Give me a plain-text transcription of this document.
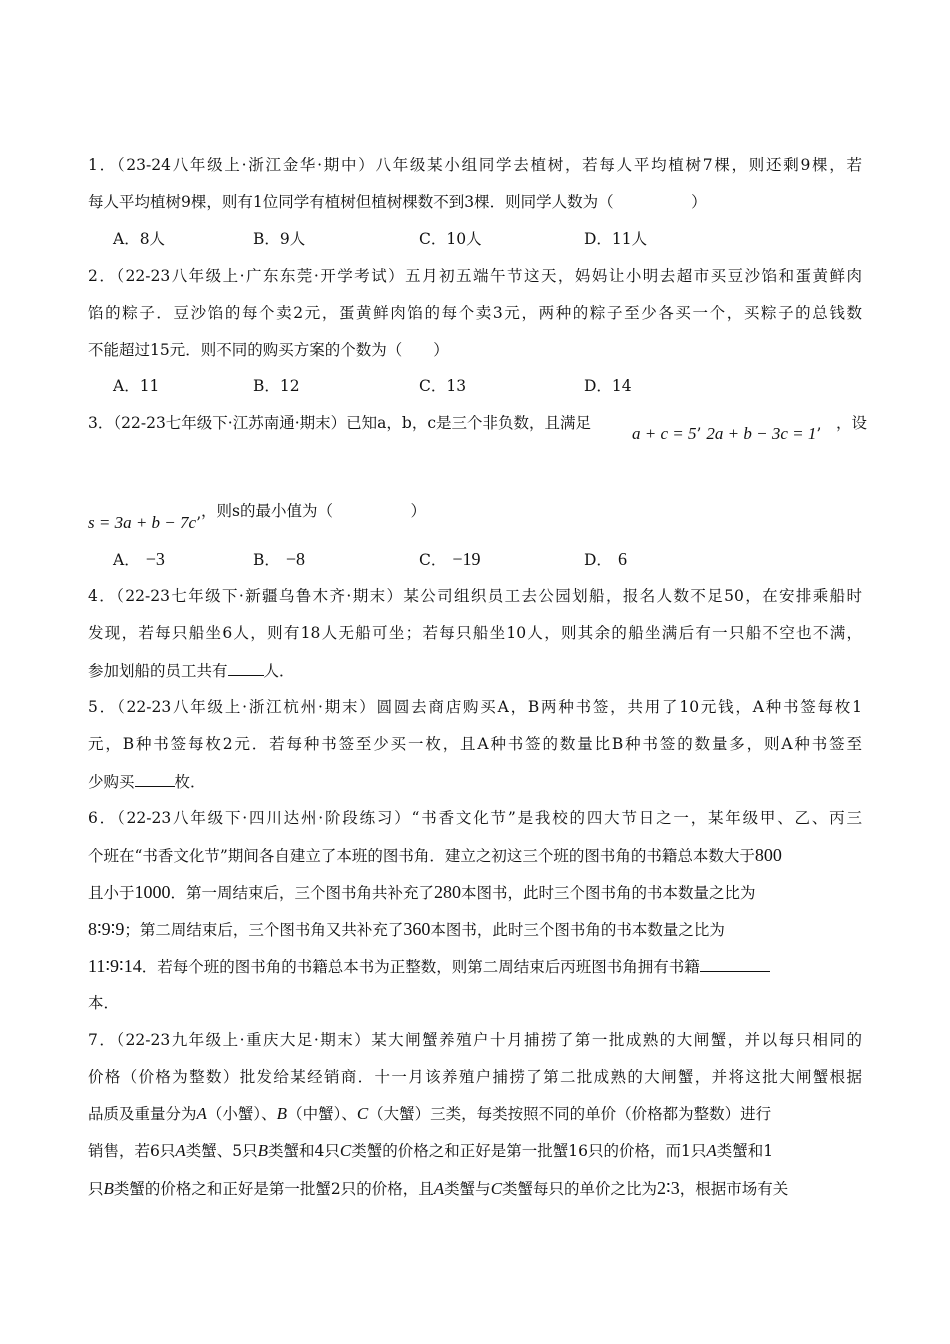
1．（23-24八年级上·浙江金华·期中）八年级某小组同学去植树，若每人平均植树7棵，则还剩9棵，若
每人平均植树9棵，则有1位同学有植树但植树棵数不到3棵．则同学人数为（　　　　　）
A．8人	B．9人	C．10人	D．11人
2．（22-23八年级上·广东东莞·开学考试）五月初五端午节这天，妈妈让小明去超市买豆沙馅和蛋黄鲜肉
馅的粽子．豆沙馅的每个卖2元，蛋黄鲜肉馅的每个卖3元，两种的粽子至少各买一个，买粽子的总钱数
不能超过15元．则不同的购买方案的个数为（　　）
A．11	B．12	C．13	D．14
3．（22-23七年级下·江苏南通·期末）已知a，b，c是三个非负数，且满足
a + c = 5’ 2a + b − 3c = 1’
，设
s = 3a + b − 7c’，则s的最小值为（　　　　　）
A． −3	B． −8	C． −19	D． 6
4．（22-23七年级下·新疆乌鲁木齐·期末）某公司组织员工去公园划船，报名人数不足50，在安排乘船时
发现，若每只船坐6人，则有18人无船可坐；若每只船坐10人，则其余的船坐满后有一只船不空也不满，
参加划船的员工共有 人．
5．（22-23八年级上·浙江杭州·期末）圆圆去商店购买A，B两种书签，共用了10元钱，A种书签每枚1
元，B种书签每枚2元．若每种书签至少买一枚，且A种书签的数量比B种书签的数量多，则A种书签至
少购买	枚．
6．（22-23八年级下·四川达州·阶段练习）“书香文化节”是我校的四大节日之一，某年级甲、乙、丙三
个班在“书香文化节”期间各自建立了本班的图书角．建立之初这三个班的图书角的书籍总本数大于800
且小于1000．第一周结束后，三个图书角共补充了280本图书，此时三个图书角的书本数量之比为
8∶9∶9；第二周结束后，三个图书角又共补充了360本图书，此时三个图书角的书本数量之比为
11∶9∶14．若每个班的图书角的书籍总本书为正整数，则第二周结束后丙班图书角拥有书籍
本．
7．（22-23九年级上·重庆大足·期末）某大闸蟹养殖户十月捕捞了第一批成熟的大闸蟹，并以每只相同的
价格（价格为整数）批发给某经销商．十一月该养殖户捕捞了第二批成熟的大闸蟹，并将这批大闸蟹根据
品质及重量分为A（小蟹）、B（中蟹）、C（大蟹）三类，每类按照不同的单价（价格都为整数）进行
销售，若6只A类蟹、5只B类蟹和4只C类蟹的价格之和正好是第一批蟹16只的价格，而1只A类蟹和1
只B类蟹的价格之和正好是第一批蟹2只的价格，且A类蟹与C类蟹每只的单价之比为2∶3，根据市场有关
